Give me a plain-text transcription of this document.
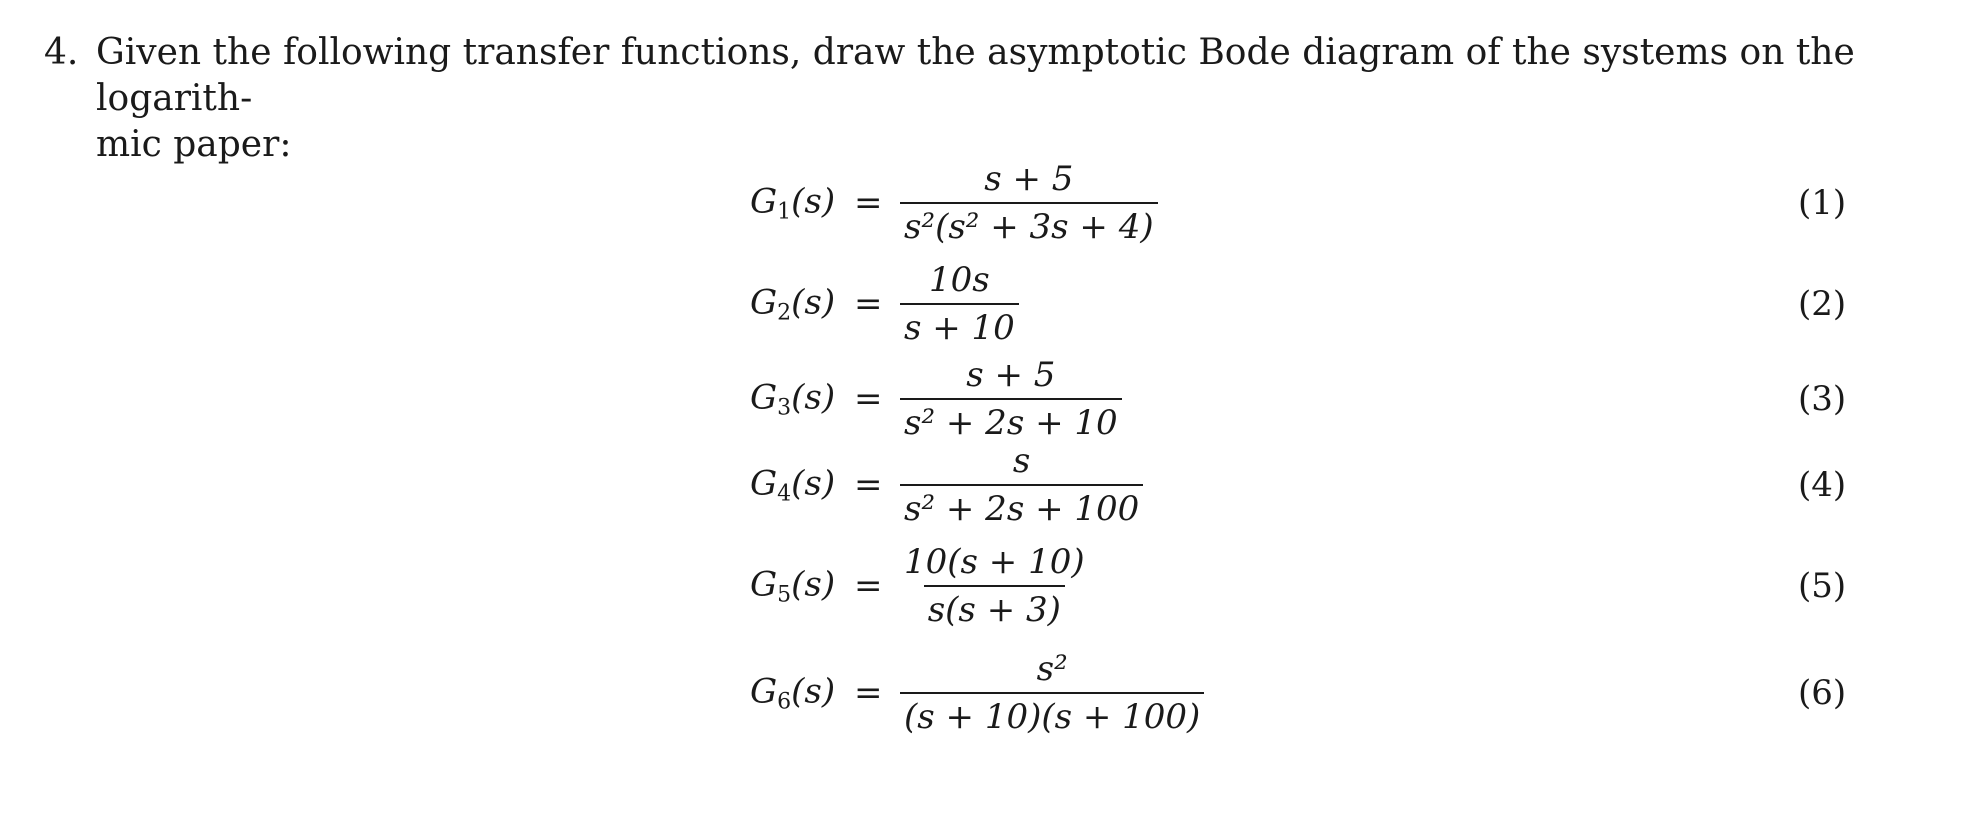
4. Given the following transfer functions, draw the asymptotic Bode diagram of the systems on the logarith-
mic paper:
$G_1(s) = \frac{s + 5}{\text{s²(s² + 3s + 4)}}$	(1)
$G_2(s) = \frac{10s}{s + 10}$	(2)
$G_3(s) = \frac{s + 5}{\text{s² + 2s + 10}}$	(3)
$G_4(s) = \frac{s}{\text{s² + 2s + 100}}$	(4)
$G_5(s) = \frac{10(s + 10)}{s(s + 3)}$	(5)
$G_6(s) = \frac{\text{s²}}{(s + 10)(s + 100)}$	(6)
